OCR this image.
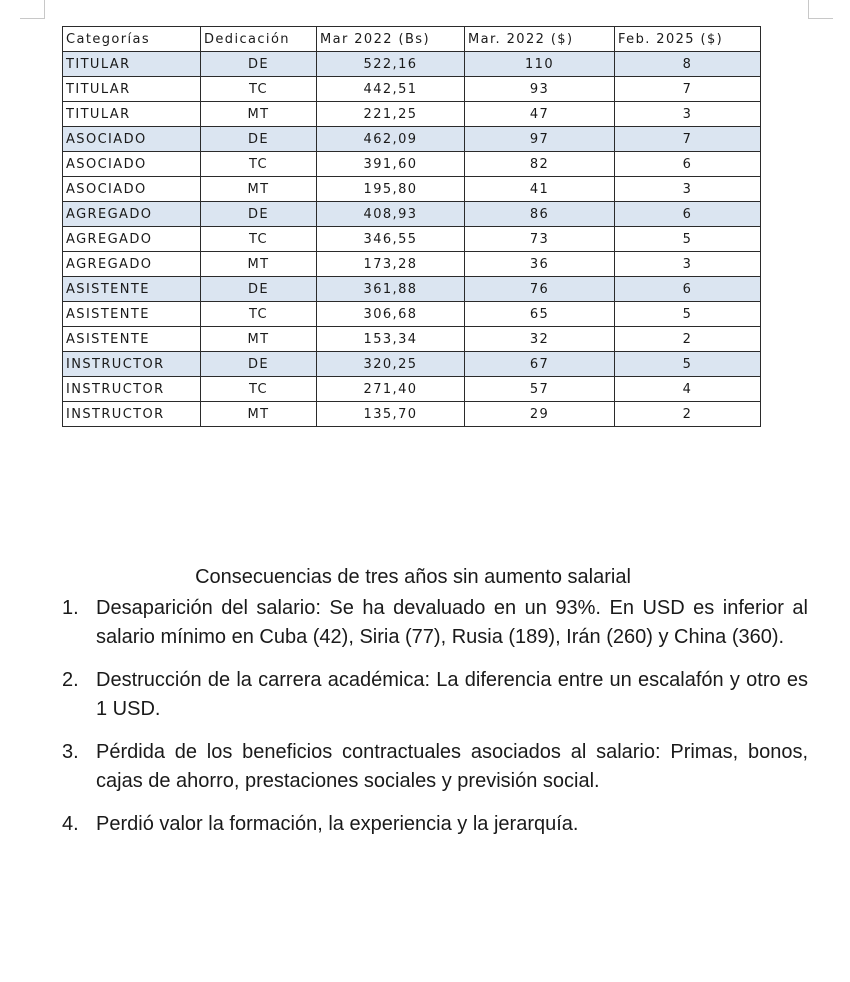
Categorías	Dedicación	Mar 2022 (Bs)	Mar. 2022 ($)	Feb. 2025 ($)
TITULAR	DE	522,16	110	8
TITULAR	TC	442,51	93	7
TITULAR	MT	221,25	47	3
ASOCIADO	DE	462,09	97	7
ASOCIADO	TC	391,60	82	6
ASOCIADO	MT	195,80	41	3
AGREGADO	DE	408,93	86	6
AGREGADO	TC	346,55	73	5
AGREGADO	MT	173,28	36	3
ASISTENTE	DE	361,88	76	6
ASISTENTE	TC	306,68	65	5
ASISTENTE	MT	153,34	32	2
INSTRUCTOR	DE	320,25	67	5
INSTRUCTOR	TC	271,40	57	4
INSTRUCTOR	MT	135,70	29	2
Consecuencias de tres años sin aumento salarial
1. Desaparición del salario: Se ha devaluado en un 93%. En USD es inferior al salario mínimo en Cuba (42), Siria (77), Rusia (189), Irán (260) y China (360).
2. Destrucción de la carrera académica: La diferencia entre un escalafón y otro es 1 USD.
3. Pérdida de los beneficios contractuales asociados al salario: Primas, bonos, cajas de ahorro, prestaciones sociales y previsión social.
4. Perdió valor la formación, la experiencia y la jerarquía.
